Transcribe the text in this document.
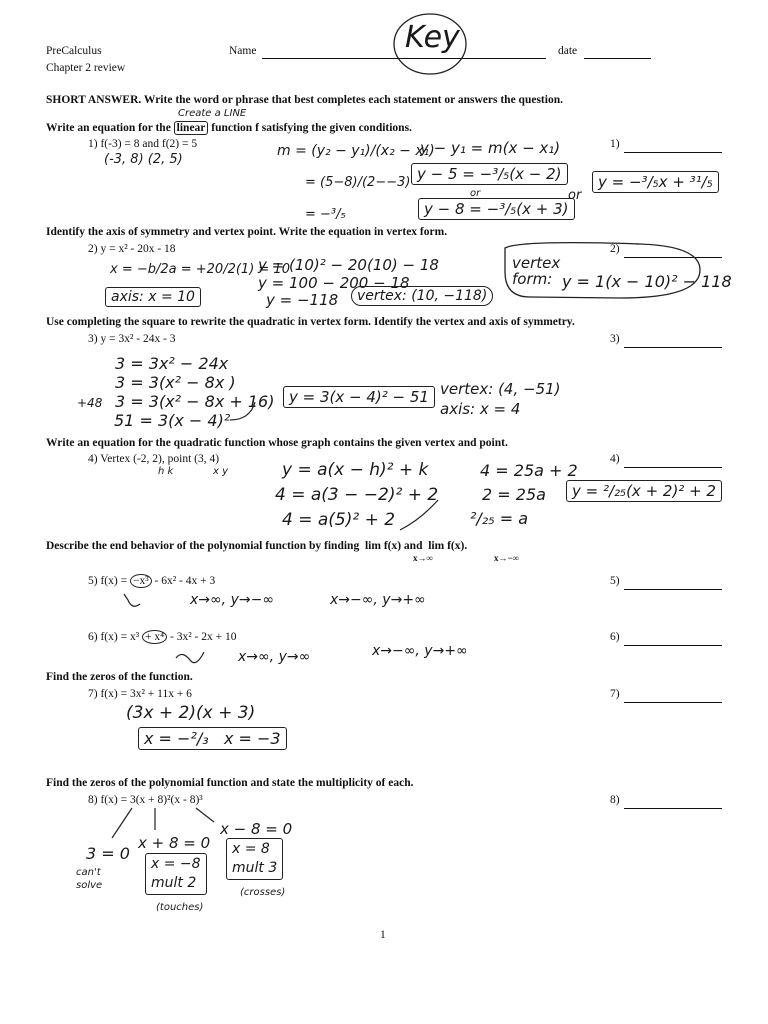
PreCalculus
Chapter 2 review
Name	Key	date
SHORT ANSWER. Write the word or phrase that best completes each statement or answers the question.
Create a LINE
Write an equation for the linear function f satisfying the given conditions.
1) f(-3) = 8 and f(2) = 5
(-3, 8) (2, 5)
m = (y₂ − y₁)/(x₂ − x₁)
= (5−8)/(2−−3)
= −³/₅
y − y₁ = m(x − x₁)
y − 5 = −³/₅(x − 2)
or
y − 8 = −³/₅(x + 3)
or
y = −³/₅x + ³¹/₅
1)
Identify the axis of symmetry and vertex point. Write the equation in vertex form.
2) y = x² - 20x - 18
x = −b/2a = +20/2(1) = 10
axis: x = 10
y = (10)² − 20(10) − 18
y = 100 − 200 − 18
y = −118	vertex: (10, −118)
vertex
form: y = 1(x − 10)² − 118
2)
Use completing the square to rewrite the quadratic in vertex form. Identify the vertex and axis of symmetry.
3) y = 3x² - 24x - 3
3 = 3x² − 24x
3 = 3(x² − 8x )
+48 3 = 3(x² − 8x + 16)
51 = 3(x − 4)²
y = 3(x − 4)² − 51 vertex: (4, −51)
axis: x = 4
3)
Write an equation for the quadratic function whose graph contains the given vertex and point.
4) Vertex (-2, 2), point (3, 4)
h k	x y	y = a(x − h)² + k
4 = a(3 − −2)² + 2
4 = a(5)² + 2
4 = 25a + 2
2 = 25a
²/₂₅ = a
y = ²/₂₅(x + 2)² + 2
4)
Describe the end behavior of the polynomial function by finding lim f(x) and lim f(x).
x→∞	x→−∞
5) f(x) = −x³ - 6x² - 4x + 3
x→∞, y→−∞	x→−∞, y→+∞
5)
6) f(x) = x³ + x⁴ - 3x² - 2x + 10
x→∞, y→∞	x→−∞, y→+∞
6)
Find the zeros of the function.
7) f(x) = 3x² + 11x + 6
(3x + 2)(x + 3)
x = −²/₃ x = −3
7)
Find the zeros of the polynomial function and state the multiplicity of each.
8) f(x) = 3(x + 8)²(x - 8)³
3 = 0
can't
solve
x + 8 = 0
x = −8
mult 2
(touches)
x − 8 = 0
x = 8
mult 3
(crosses)
8)
1
